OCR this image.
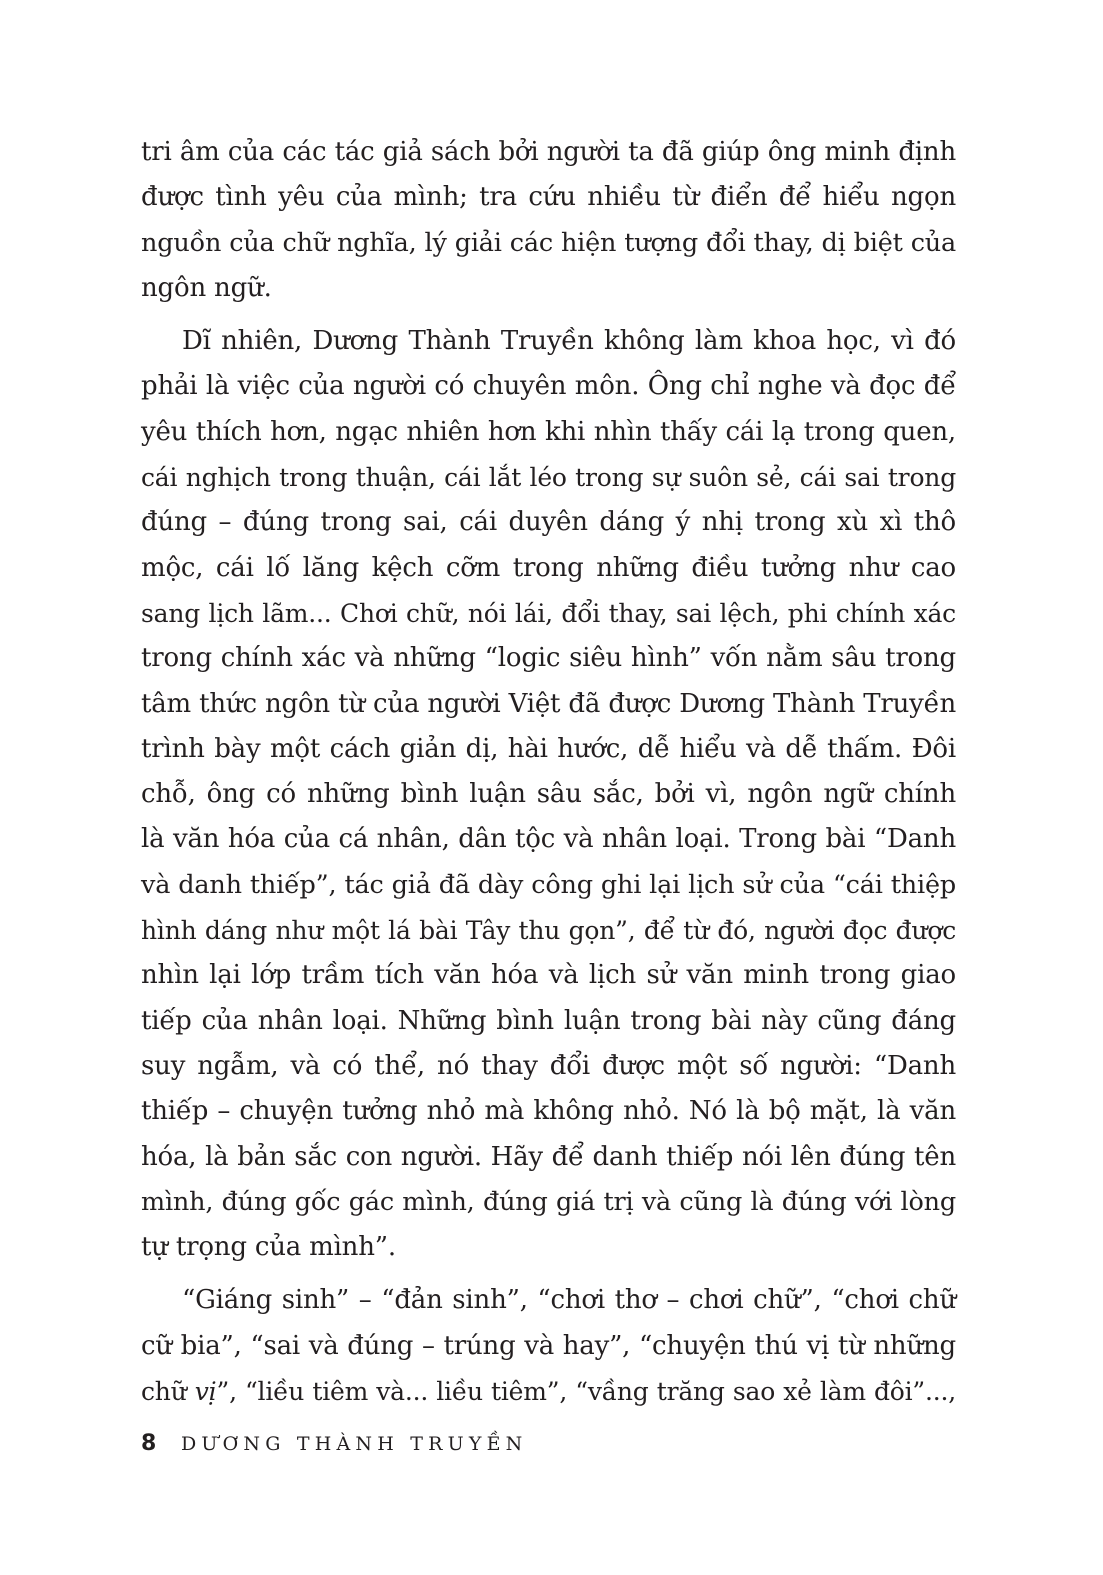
tri âm của các tác giả sách bởi người ta đã giúp ông minh định
được tình yêu của mình; tra cứu nhiều từ điển để hiểu ngọn
nguồn của chữ nghĩa, lý giải các hiện tượng đổi thay, dị biệt của
ngôn ngữ.
Dĩ nhiên, Dương Thành Truyền không làm khoa học, vì đó
phải là việc của người có chuyên môn. Ông chỉ nghe và đọc để
yêu thích hơn, ngạc nhiên hơn khi nhìn thấy cái lạ trong quen,
cái nghịch trong thuận, cái lắt léo trong sự suôn sẻ, cái sai trong
đúng – đúng trong sai, cái duyên dáng ý nhị trong xù xì thô
mộc, cái lố lăng kệch cỡm trong những điều tưởng như cao
sang lịch lãm... Chơi chữ, nói lái, đổi thay, sai lệch, phi chính xác
trong chính xác và những “logic siêu hình” vốn nằm sâu trong
tâm thức ngôn từ của người Việt đã được Dương Thành Truyền
trình bày một cách giản dị, hài hước, dễ hiểu và dễ thấm. Đôi
chỗ, ông có những bình luận sâu sắc, bởi vì, ngôn ngữ chính
là văn hóa của cá nhân, dân tộc và nhân loại. Trong bài “Danh
và danh thiếp”, tác giả đã dày công ghi lại lịch sử của “cái thiệp
hình dáng như một lá bài Tây thu gọn”, để từ đó, người đọc được
nhìn lại lớp trầm tích văn hóa và lịch sử văn minh trong giao
tiếp của nhân loại. Những bình luận trong bài này cũng đáng
suy ngẫm, và có thể, nó thay đổi được một số người: “Danh
thiếp – chuyện tưởng nhỏ mà không nhỏ. Nó là bộ mặt, là văn
hóa, là bản sắc con người. Hãy để danh thiếp nói lên đúng tên
mình, đúng gốc gác mình, đúng giá trị và cũng là đúng với lòng
tự trọng của mình”.
“Giáng sinh” – “đản sinh”, “chơi thơ – chơi chữ”, “chơi chữ
cữ bia”, “sai và đúng – trúng và hay”, “chuyện thú vị từ những
chữ vị”, “liều tiêm và... liều tiêm”, “vầng trăng sao xẻ làm đôi”...,
8 DƯƠNG THÀNH TRUYỀN
